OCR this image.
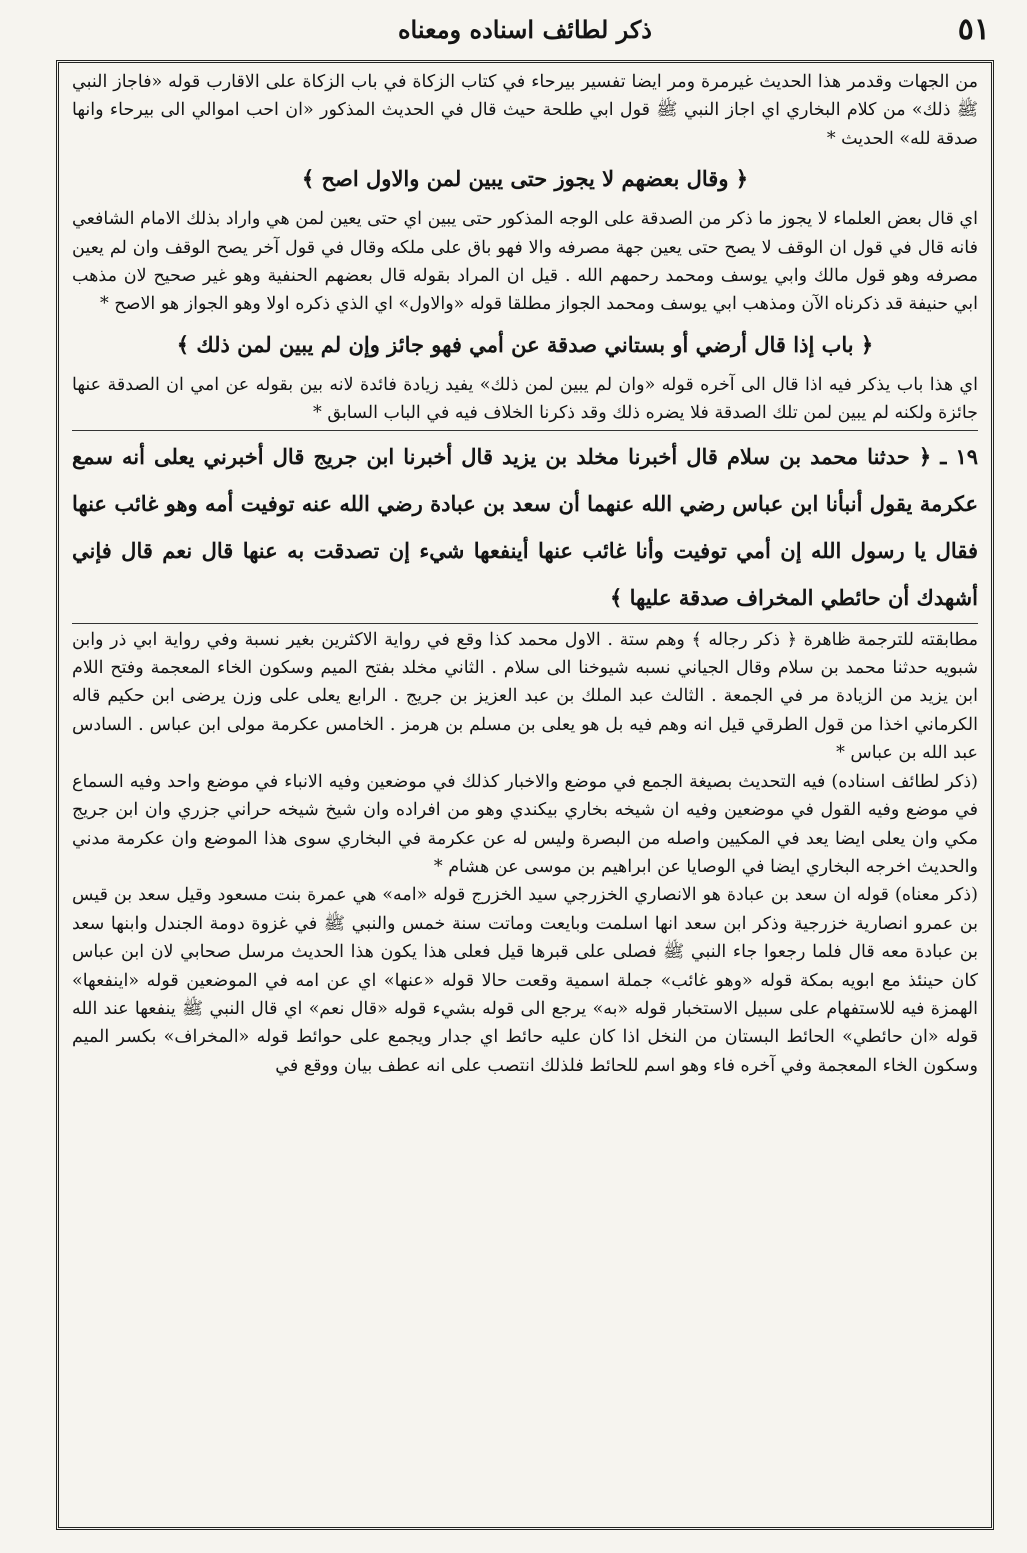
٥١
ذكر لطائف اسناده ومعناه

من الجهات وقدمر هذا الحديث غيرمرة ومر ايضا تفسير بيرحاء في كتاب الزكاة في باب الزكاة على الاقارب قوله «فاجاز النبي ﷺ ذلك» من كلام البخاري اي اجاز النبي ﷺ قول ابي طلحة حيث قال في الحديث المذكور «ان احب اموالي الى بيرحاء وانها صدقة لله» الحديث ‫*

﴿ وقال بعضهم لا يجوز حتى يبين لمن والاول اصح ﴾

اي قال بعض العلماء لا يجوز ما ذكر من الصدقة على الوجه المذكور حتى يبين اي حتى يعين لمن هي واراد بذلك الامام الشافعي فانه قال في قول ان الوقف لا يصح حتى يعين جهة مصرفه والا فهو باق على ملكه وقال في قول آخر يصح الوقف وان لم يعين مصرفه وهو قول مالك وابي يوسف ومحمد رحمهم الله . قيل ان المراد بقوله قال بعضهم الحنفية وهو غير صحيح لان مذهب ابي حنيفة قد ذكرناه الآن ومذهب ابي يوسف ومحمد الجواز مطلقا قوله «والاول» اي الذي ذكره اولا وهو الجواز هو الاصح ‫*

﴿ باب إذا قال أرضي أو بستاني صدقة عن أمي فهو جائز وإن لم يبين لمن ذلك ﴾

اي هذا باب يذكر فيه اذا قال الى آخره قوله «وان لم يبين لمن ذلك» يفيد زيادة فائدة لانه بين بقوله عن امي ان الصدقة عنها جائزة ولكنه لم يبين لمن تلك الصدقة فلا يضره ذلك وقد ذكرنا الخلاف فيه في الباب السابق ‫*

١٩ ـ ﴿ حدثنا محمد بن سلام قال أخبرنا مخلد بن يزيد قال أخبرنا ابن جريج قال أخبرني يعلى أنه سمع عكرمة يقول أنبأنا ابن عباس رضي الله عنهما أن سعد بن عبادة رضي الله عنه توفيت أمه وهو غائب عنها فقال يا رسول الله إن أمي توفيت وأنا غائب عنها أينفعها شيء إن تصدقت به عنها قال نعم قال فإني أشهدك أن حائطي المخراف صدقة عليها ﴾

مطابقته للترجمة ظاهرة ﴿ ذكر رجاله ﴾ وهم ستة . الاول محمد كذا وقع في رواية الاكثرين بغير نسبة وفي رواية ابي ذر وابن شبويه حدثنا محمد بن سلام وقال الجياني نسبه شيوخنا الى سلام . الثاني مخلد بفتح الميم وسكون الخاء المعجمة وفتح اللام ابن يزيد من الزيادة مر في الجمعة . الثالث عبد الملك بن عبد العزيز بن جريج . الرابع يعلى على وزن يرضى ابن حكيم قاله الكرماني اخذا من قول الطرقي قيل انه وهم فيه بل هو يعلى بن مسلم بن هرمز . الخامس عكرمة مولى ابن عباس . السادس عبد الله بن عباس ‫*

(ذكر لطائف اسناده) فيه التحديث بصيغة الجمع في موضع والاخبار كذلك في موضعين وفيه الانباء في موضع واحد وفيه السماع في موضع وفيه القول في موضعين وفيه ان شيخه بخاري بيكندي وهو من افراده وان شيخ شيخه حراني جزري وان ابن جريج مكي وان يعلى ايضا يعد في المكيين واصله من البصرة وليس له عن عكرمة في البخاري سوى هذا الموضع وان عكرمة مدني والحديث اخرجه البخاري ايضا في الوصايا عن ابراهيم بن موسى عن هشام ‫*

(ذكر معناه) قوله ان سعد بن عبادة هو الانصاري الخزرجي سيد الخزرج قوله «امه» هي عمرة بنت مسعود وقيل سعد بن قيس بن عمرو انصارية خزرجية وذكر ابن سعد انها اسلمت وبايعت وماتت سنة خمس والنبي ﷺ في غزوة دومة الجندل وابنها سعد بن عبادة معه قال فلما رجعوا جاء النبي ﷺ فصلى على قبرها قيل فعلى هذا يكون هذا الحديث مرسل صحابي لان ابن عباس كان حينئذ مع ابويه بمكة قوله «وهو غائب» جملة اسمية وقعت حالا قوله «عنها» اي عن امه في الموضعين قوله «اينفعها» الهمزة فيه للاستفهام على سبيل الاستخبار قوله «به» يرجع الى قوله بشيء قوله «قال نعم» اي قال النبي ﷺ ينفعها عند الله قوله «ان حائطي» الحائط البستان من النخل اذا كان عليه حائط اي جدار ويجمع على حوائط قوله «المخراف» بكسر الميم وسكون الخاء المعجمة وفي آخره فاء وهو اسم للحائط فلذلك انتصب على انه عطف بيان ووقع في
